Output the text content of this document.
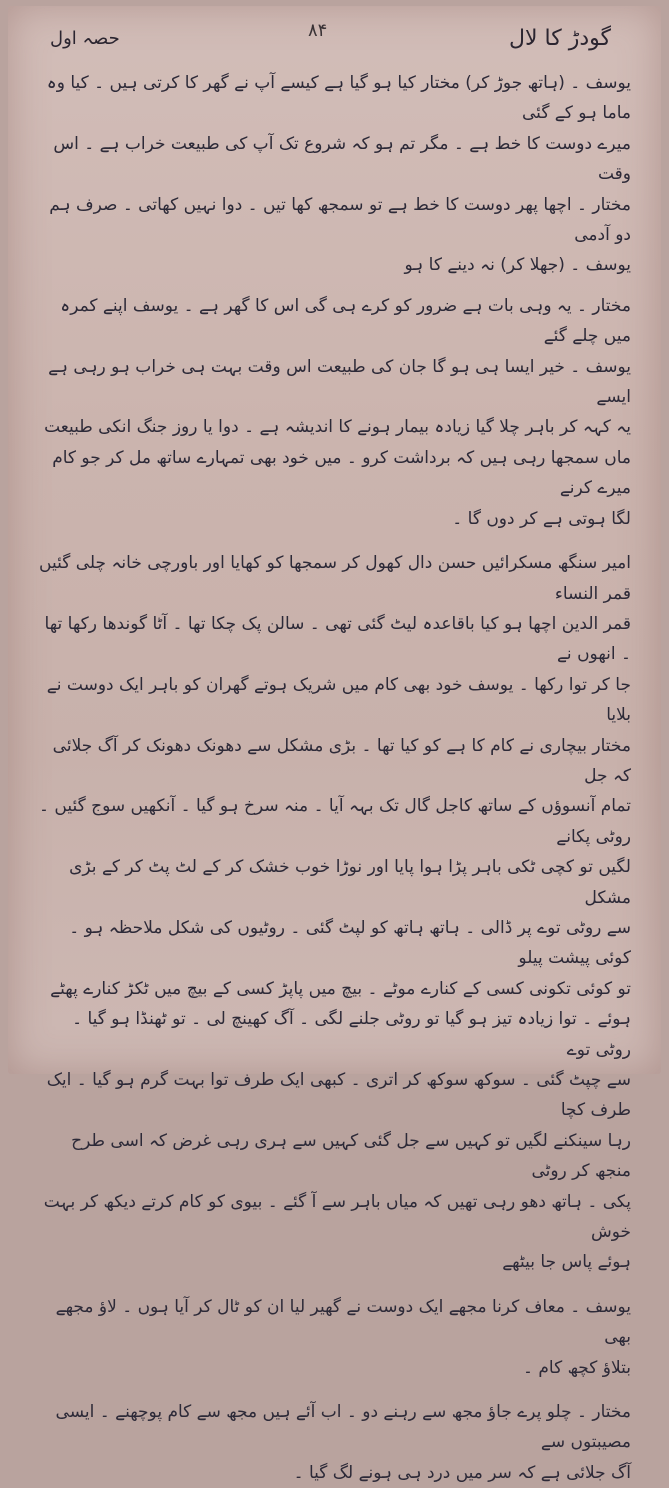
گودڑ کا لال
۸۴
حصہ اول

یوسف ۔ (ہاتھ جوڑ کر) مختار کیا ہو گیا ہے کیسے آپ نے گھر کا کرتی ہیں ۔ کیا وہ ماما ہو کے گئی

میرے دوست کا خط ہے ۔ مگر تم ہو کہ شروع تک آپ کی طبیعت خراب ہے ۔ اس وقت

مختار ۔ اچھا پھر دوست کا خط ہے تو سمجھ کھا تیں ۔ دوا نہیں کھاتی ۔ صرف ہم دو آدمی

یوسف ۔ (جھلا کر) نہ دینے کا ہو

مختار ۔ یہ وہی بات ہے ضرور کو کرے ہی گی اس کا گھر ہے ۔ یوسف اپنے کمرہ میں چلے گئے

یوسف ۔ خیر ایسا ہی ہو گا جان کی طبیعت اس وقت بہت ہی خراب ہو رہی ہے ایسے

یہ کہہ کر باہر چلا گیا زیادہ بیمار ہونے کا اندیشہ ہے ۔ دوا یا روز جنگ انکی طبیعت

ماں سمجھا رہی ہیں کہ برداشت کرو ۔ میں خود بھی تمہارے ساتھ مل کر جو کام میرے کرنے

لگا ہوتی ہے کر دوں گا ۔

امیر سنگھ مسکرائیں حسن دال کھول کر سمجھا کو کھایا اور باورچی خانہ چلی گئیں قمر النساء

قمر الدین اچھا ہو کیا باقاعدہ لیٹ گئی تھی ۔ سالن پک چکا تھا ۔ آٹا گوندھا رکھا تھا ۔ انھوں نے

جا کر توا رکھا ۔ یوسف خود بھی کام میں شریک ہوتے گھران کو باہر ایک دوست نے بلایا

مختار بیچاری نے کام کا ہے کو کیا تھا ۔ بڑی مشکل سے دھونک دھونک کر آگ جلائی کہ جل

تمام آنسوؤں کے ساتھ کاجل گال تک بہہ آیا ۔ منہ سرخ ہو گیا ۔ آنکھیں سوج گئیں ۔ روٹی پکانے

لگیں تو کچی ٹکی باہر پڑا ہوا پایا اور نوڑا خوب خشک کر کے لٹ پٹ کر کے بڑی مشکل

سے روٹی توے پر ڈالی ۔ ہاتھ ہاتھ کو لپٹ گئی ۔ روٹیوں کی شکل ملاحظہ ہو ۔ کوئی پیشت پیلو

تو کوئی تکونی کسی کے کنارے موٹے ۔ بیچ میں پاپڑ کسی کے بیچ میں ٹکڑ کنارے پھٹے

ہوئے ۔ توا زیادہ تیز ہو گیا تو روٹی جلنے لگی ۔ آگ کھینچ لی ۔ تو ٹھنڈا ہو گیا ۔ روٹی توے

سے چپٹ گئی ۔ سوکھ سوکھ کر اتری ۔ کبھی ایک طرف توا بہت گرم ہو گیا ۔ ایک طرف کچا

رہا سینکنے لگیں تو کہیں سے جل گئی کہیں سے ہری رہی غرض کہ اسی طرح منجھ کر روٹی

پکی ۔ ہاتھ دھو رہی تھیں کہ میاں باہر سے آ گئے ۔ بیوی کو کام کرتے دیکھ کر بہت خوش

ہوئے پاس جا بیٹھے

یوسف ۔ معاف کرنا مجھے ایک دوست نے گھیر لیا ان کو ٹال کر آیا ہوں ۔ لاؤ مجھے بھی

بتلاؤ کچھ کام ۔

مختار ۔ چلو پرے جاؤ مجھ سے رہنے دو ۔ اب آئے ہیں مجھ سے کام پوچھنے ۔ ایسی مصیبتوں سے

آگ جلائی ہے کہ سر میں درد ہی ہونے لگ گیا ۔
